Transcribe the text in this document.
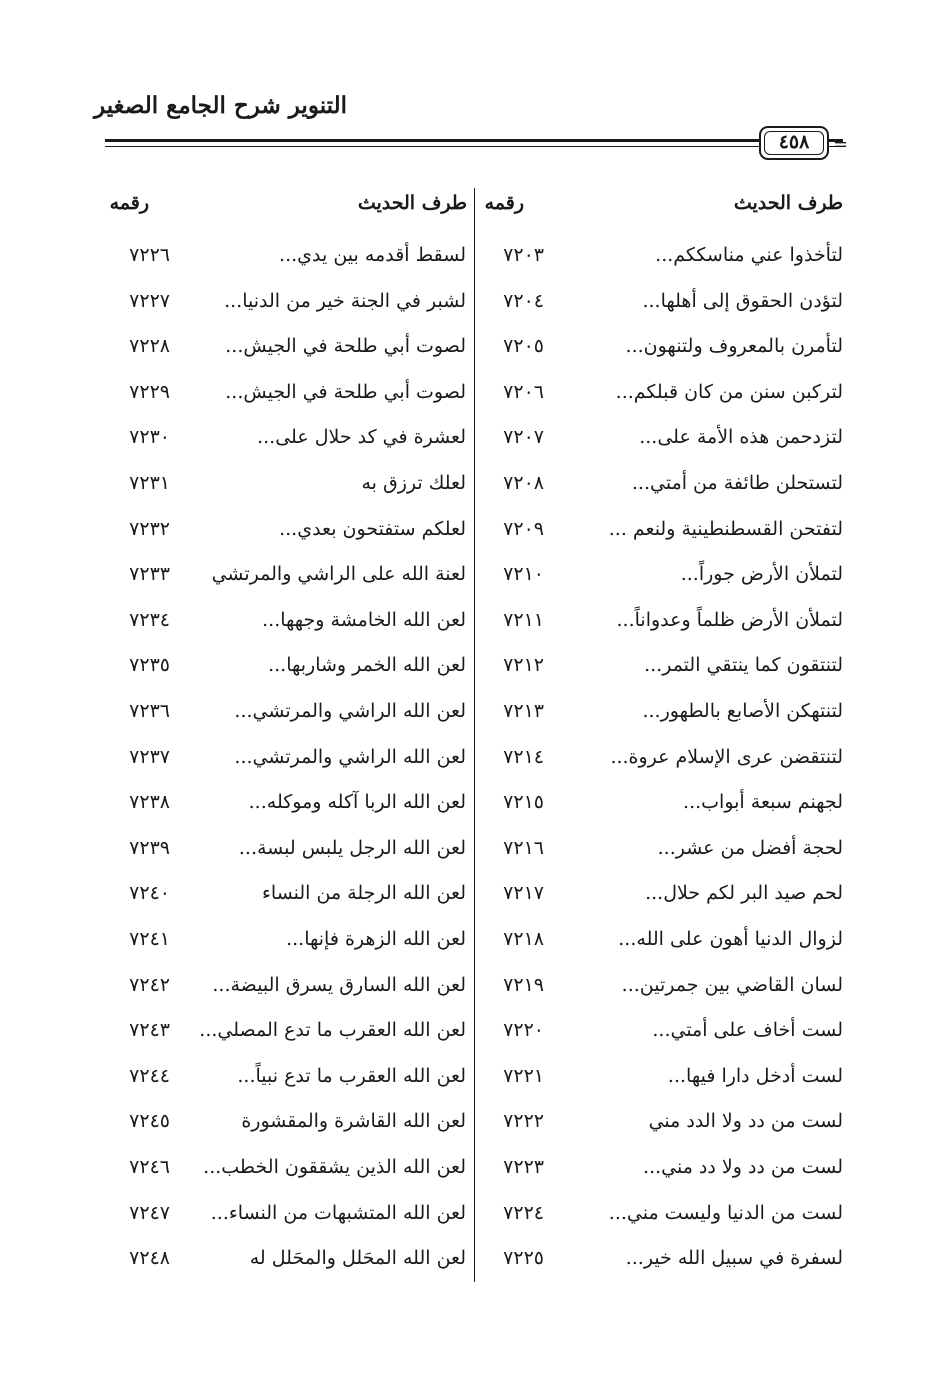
التنوير شرح الجامع الصغير
=
٤٥٨
طرف الحديث
رقمه
طرف الحديث
رقمه
لتأخذوا عني مناسككم...
٧٢٠٣
لسقط أقدمه بين يدي...
٧٢٢٦
لتؤدن الحقوق إلى أهلها...
٧٢٠٤
لشبر في الجنة خير من الدنيا...
٧٢٢٧
لتأمرن بالمعروف ولتنهون...
٧٢٠٥
لصوت أبي طلحة في الجيش...
٧٢٢٨
لتركبن سنن من كان قبلكم...
٧٢٠٦
لصوت أبي طلحة في الجيش...
٧٢٢٩
لتزدحمن هذه الأمة على...
٧٢٠٧
لعشرة في كد حلال على...
٧٢٣٠
لتستحلن طائفة من أمتي...
٧٢٠٨
لعلك ترزق به
٧٢٣١
لتفتحن القسطنطينية ولنعم ...
٧٢٠٩
لعلكم ستفتحون بعدي...
٧٢٣٢
لتملأن الأرض جوراً...
٧٢١٠
لعنة الله على الراشي والمرتشي
٧٢٣٣
لتملأن الأرض ظلماً وعدواناً...
٧٢١١
لعن الله الخامشة وجهها...
٧٢٣٤
لتنتقون كما ينتقي التمر...
٧٢١٢
لعن الله الخمر وشاربها...
٧٢٣٥
لتنتهكن الأصابع بالطهور...
٧٢١٣
لعن الله الراشي والمرتشي...
٧٢٣٦
لتنتقضن عرى الإسلام عروة...
٧٢١٤
لعن الله الراشي والمرتشي...
٧٢٣٧
لجهنم سبعة أبواب...
٧٢١٥
لعن الله الربا آكله وموكله...
٧٢٣٨
لحجة أفضل من عشر...
٧٢١٦
لعن الله الرجل يلبس لبسة...
٧٢٣٩
لحم صيد البر لكم حلال...
٧٢١٧
لعن الله الرجلة من النساء
٧٢٤٠
لزوال الدنيا أهون على الله...
٧٢١٨
لعن الله الزهرة فإنها...
٧٢٤١
لسان القاضي بين جمرتين...
٧٢١٩
لعن الله السارق يسرق البيضة...
٧٢٤٢
لست أخاف على أمتي...
٧٢٢٠
لعن الله العقرب ما تدع المصلي...
٧٢٤٣
لست أدخل دارا فيها...
٧٢٢١
لعن الله العقرب ما تدع نبياً...
٧٢٤٤
لست من دد ولا الدد مني
٧٢٢٢
لعن الله القاشرة والمقشورة
٧٢٤٥
لست من دد ولا دد مني...
٧٢٢٣
لعن الله الذين يشققون الخطب...
٧٢٤٦
لست من الدنيا وليست مني...
٧٢٢٤
لعن الله المتشبهات من النساء...
٧٢٤٧
لسفرة في سبيل الله خير...
٧٢٢٥
لعن الله المحَلل والمحَلل له
٧٢٤٨
